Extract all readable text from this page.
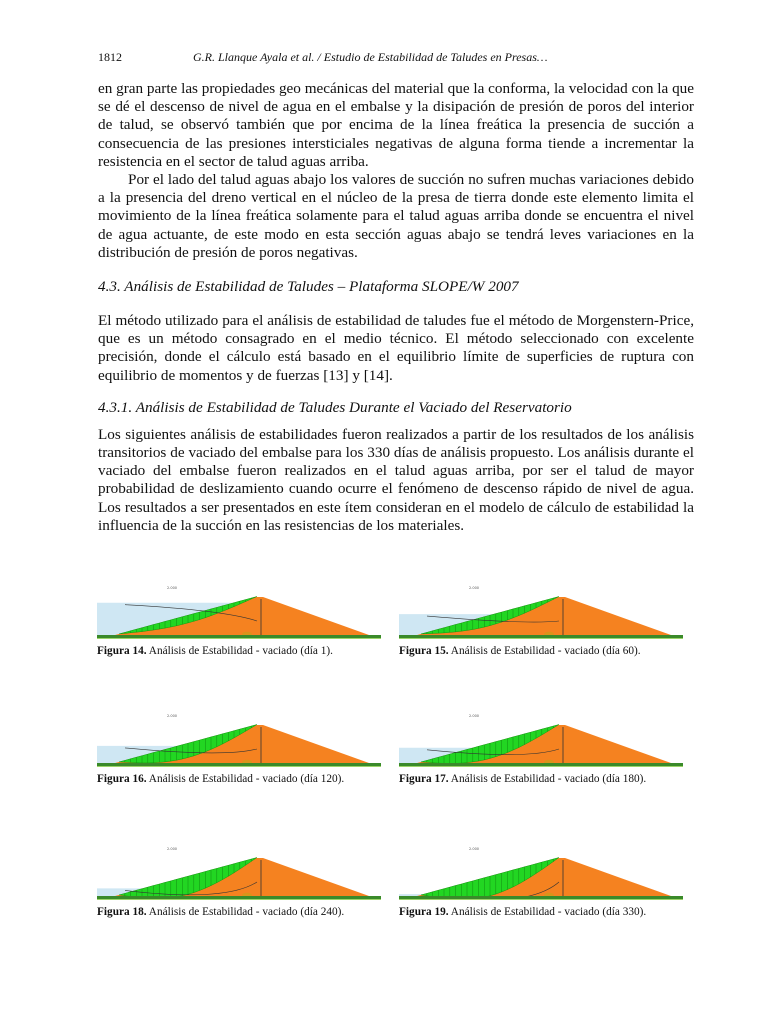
1812	G.R. Llanque Ayala et al. / Estudio de Estabilidad de Taludes en Presas…

en gran parte las propiedades geo mecánicas del material que la conforma, la velocidad con la que se dé el descenso de nivel de agua en el embalse y la disipación de presión de poros del interior de talud, se observó también que por encima de la línea freática la presencia de succión a consecuencia de las presiones intersticiales negativas de alguna forma tiende a incrementar la resistencia en el sector de talud aguas arriba.

Por el lado del talud aguas abajo los valores de succión no sufren muchas variaciones debido a la presencia del dreno vertical en el núcleo de la presa de tierra donde este elemento limita el movimiento de la línea freática solamente para el talud aguas arriba donde se encuentra el nivel de agua actuante, de este modo en esta sección aguas abajo se tendrá leves variaciones en la distribución de presión de poros negativas.

4.3. Análisis de Estabilidad de Taludes – Plataforma SLOPE/W 2007

El método utilizado para el análisis de estabilidad de taludes fue el método de Morgenstern-Price, que es un método consagrado en el medio técnico. El método seleccionado con excelente precisión, donde el cálculo está basado en el equilibrio límite de superficies de ruptura con equilibrio de momentos y de fuerzas [13] y [14].

4.3.1. Análisis de Estabilidad de Taludes Durante el Vaciado del Reservatorio

Los siguientes análisis de estabilidades fueron realizados a partir de los resultados de los análisis transitorios de vaciado del embalse para los 330 días de análisis propuesto. Los análisis durante el vaciado del embalse fueron realizados en el talud aguas arriba, por ser el talud de mayor probabilidad de deslizamiento cuando ocurre el fenómeno de descenso rápido de nivel de agua. Los resultados a ser presentados en este ítem consideran en el modelo de cálculo de estabilidad la influencia de la succión en las resistencias de los materiales.

2.000
Figura 14. Análisis de Estabilidad - vaciado (día 1).
2.000
Figura 15. Análisis de Estabilidad - vaciado (día 60).
2.000
Figura 16. Análisis de Estabilidad - vaciado (día 120).
2.000
Figura 17. Análisis de Estabilidad - vaciado (día 180).
2.000
Figura 18. Análisis de Estabilidad - vaciado (día 240).
2.000
Figura 19. Análisis de Estabilidad - vaciado (día 330).
